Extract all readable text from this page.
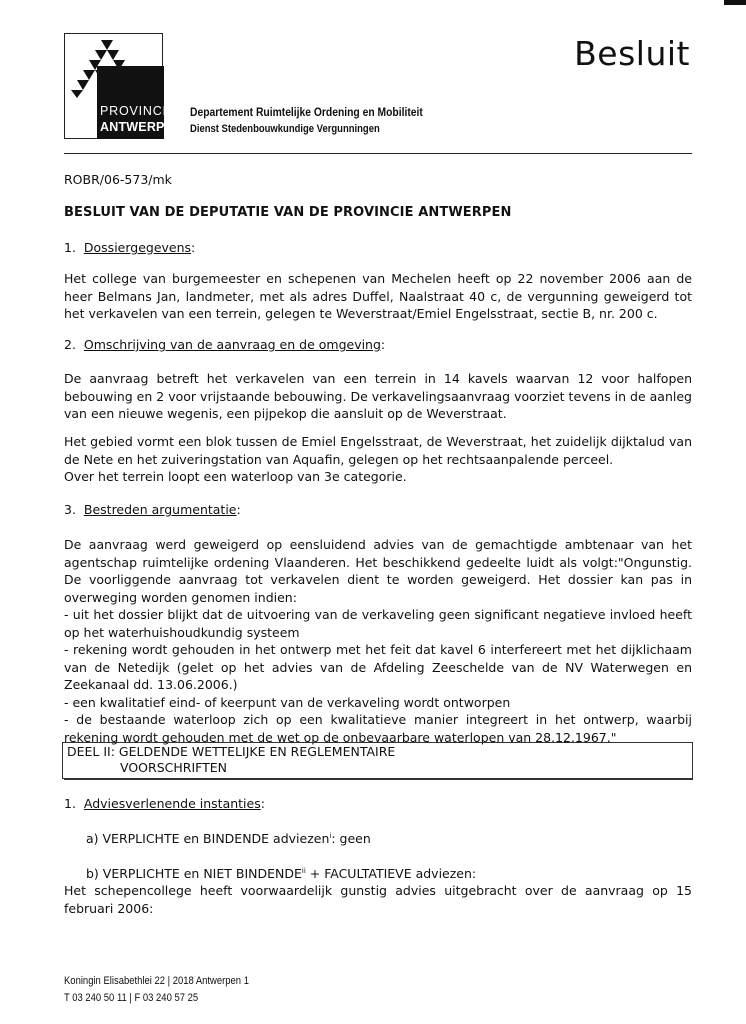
PROVINCIE
ANTWERPEN
Departement Ruimtelijke Ordening en Mobiliteit
Dienst Stedenbouwkundige Vergunningen
Besluit
ROBR/06-573/mk
BESLUIT VAN DE DEPUTATIE VAN DE PROVINCIE ANTWERPEN
1. Dossiergegevens:

Het college van burgemeester en schepenen van Mechelen heeft op 22 november 2006 aan de heer Belmans Jan, landmeter, met als adres Duffel, Naalstraat 40 c, de vergunning geweigerd tot het verkavelen van een terrein, gelegen te Weverstraat/Emiel Engelsstraat, sectie B, nr. 200 c.

2. Omschrijving van de aanvraag en de omgeving:

De aanvraag betreft het verkavelen van een terrein in 14 kavels waarvan 12 voor halfopen bebouwing en 2 voor vrijstaande bebouwing. De verkavelingsaanvraag voorziet tevens in de aanleg van een nieuwe wegenis, een pijpekop die aansluit op de Weverstraat.

Het gebied vormt een blok tussen de Emiel Engelsstraat, de Weverstraat, het zuidelijk dijktalud van de Nete en het zuiveringstation van Aquafin, gelegen op het rechtsaanpalende perceel.

Over het terrein loopt een waterloop van 3e categorie.

3. Bestreden argumentatie:

De aanvraag werd geweigerd op eensluidend advies van de gemachtigde ambtenaar van het agentschap ruimtelijke ordening Vlaanderen. Het beschikkend gedeelte luidt als volgt:"Ongunstig. De voorliggende aanvraag tot verkavelen dient te worden geweigerd. Het dossier kan pas in overweging worden genomen indien:

- uit het dossier blijkt dat de uitvoering van de verkaveling geen significant negatieve invloed heeft op het waterhuishoudkundig systeem

- rekening wordt gehouden in het ontwerp met het feit dat kavel 6 interfereert met het dijklichaam van de Netedijk (gelet op het advies van de Afdeling Zeeschelde van de NV Waterwegen en Zeekanaal dd. 13.06.2006.)

- een kwalitatief eind- of keerpunt van de verkaveling wordt ontworpen

- de bestaande waterloop zich op een kwalitatieve manier integreert in het ontwerp, waarbij rekening wordt gehouden met de wet op de onbevaarbare waterlopen van 28.12.1967."

DEEL II: GELDENDE WETTELIJKE EN REGLEMENTAIRE
VOORSCHRIFTEN
1. Adviesverlenende instanties:
a) VERPLICHTE en BINDENDE adviezen$^i$: geen
b) VERPLICHTE en NIET $BINDENDE^{ii}$ + FACULTATIEVE adviezen:

Het schepencollege heeft voorwaardelijk gunstig advies uitgebracht over de aanvraag op 15 februari 2006:

Koningin Elisabethlei 22 | 2018 Antwerpen 1
T 03 240 50 11 | F 03 240 57 25
